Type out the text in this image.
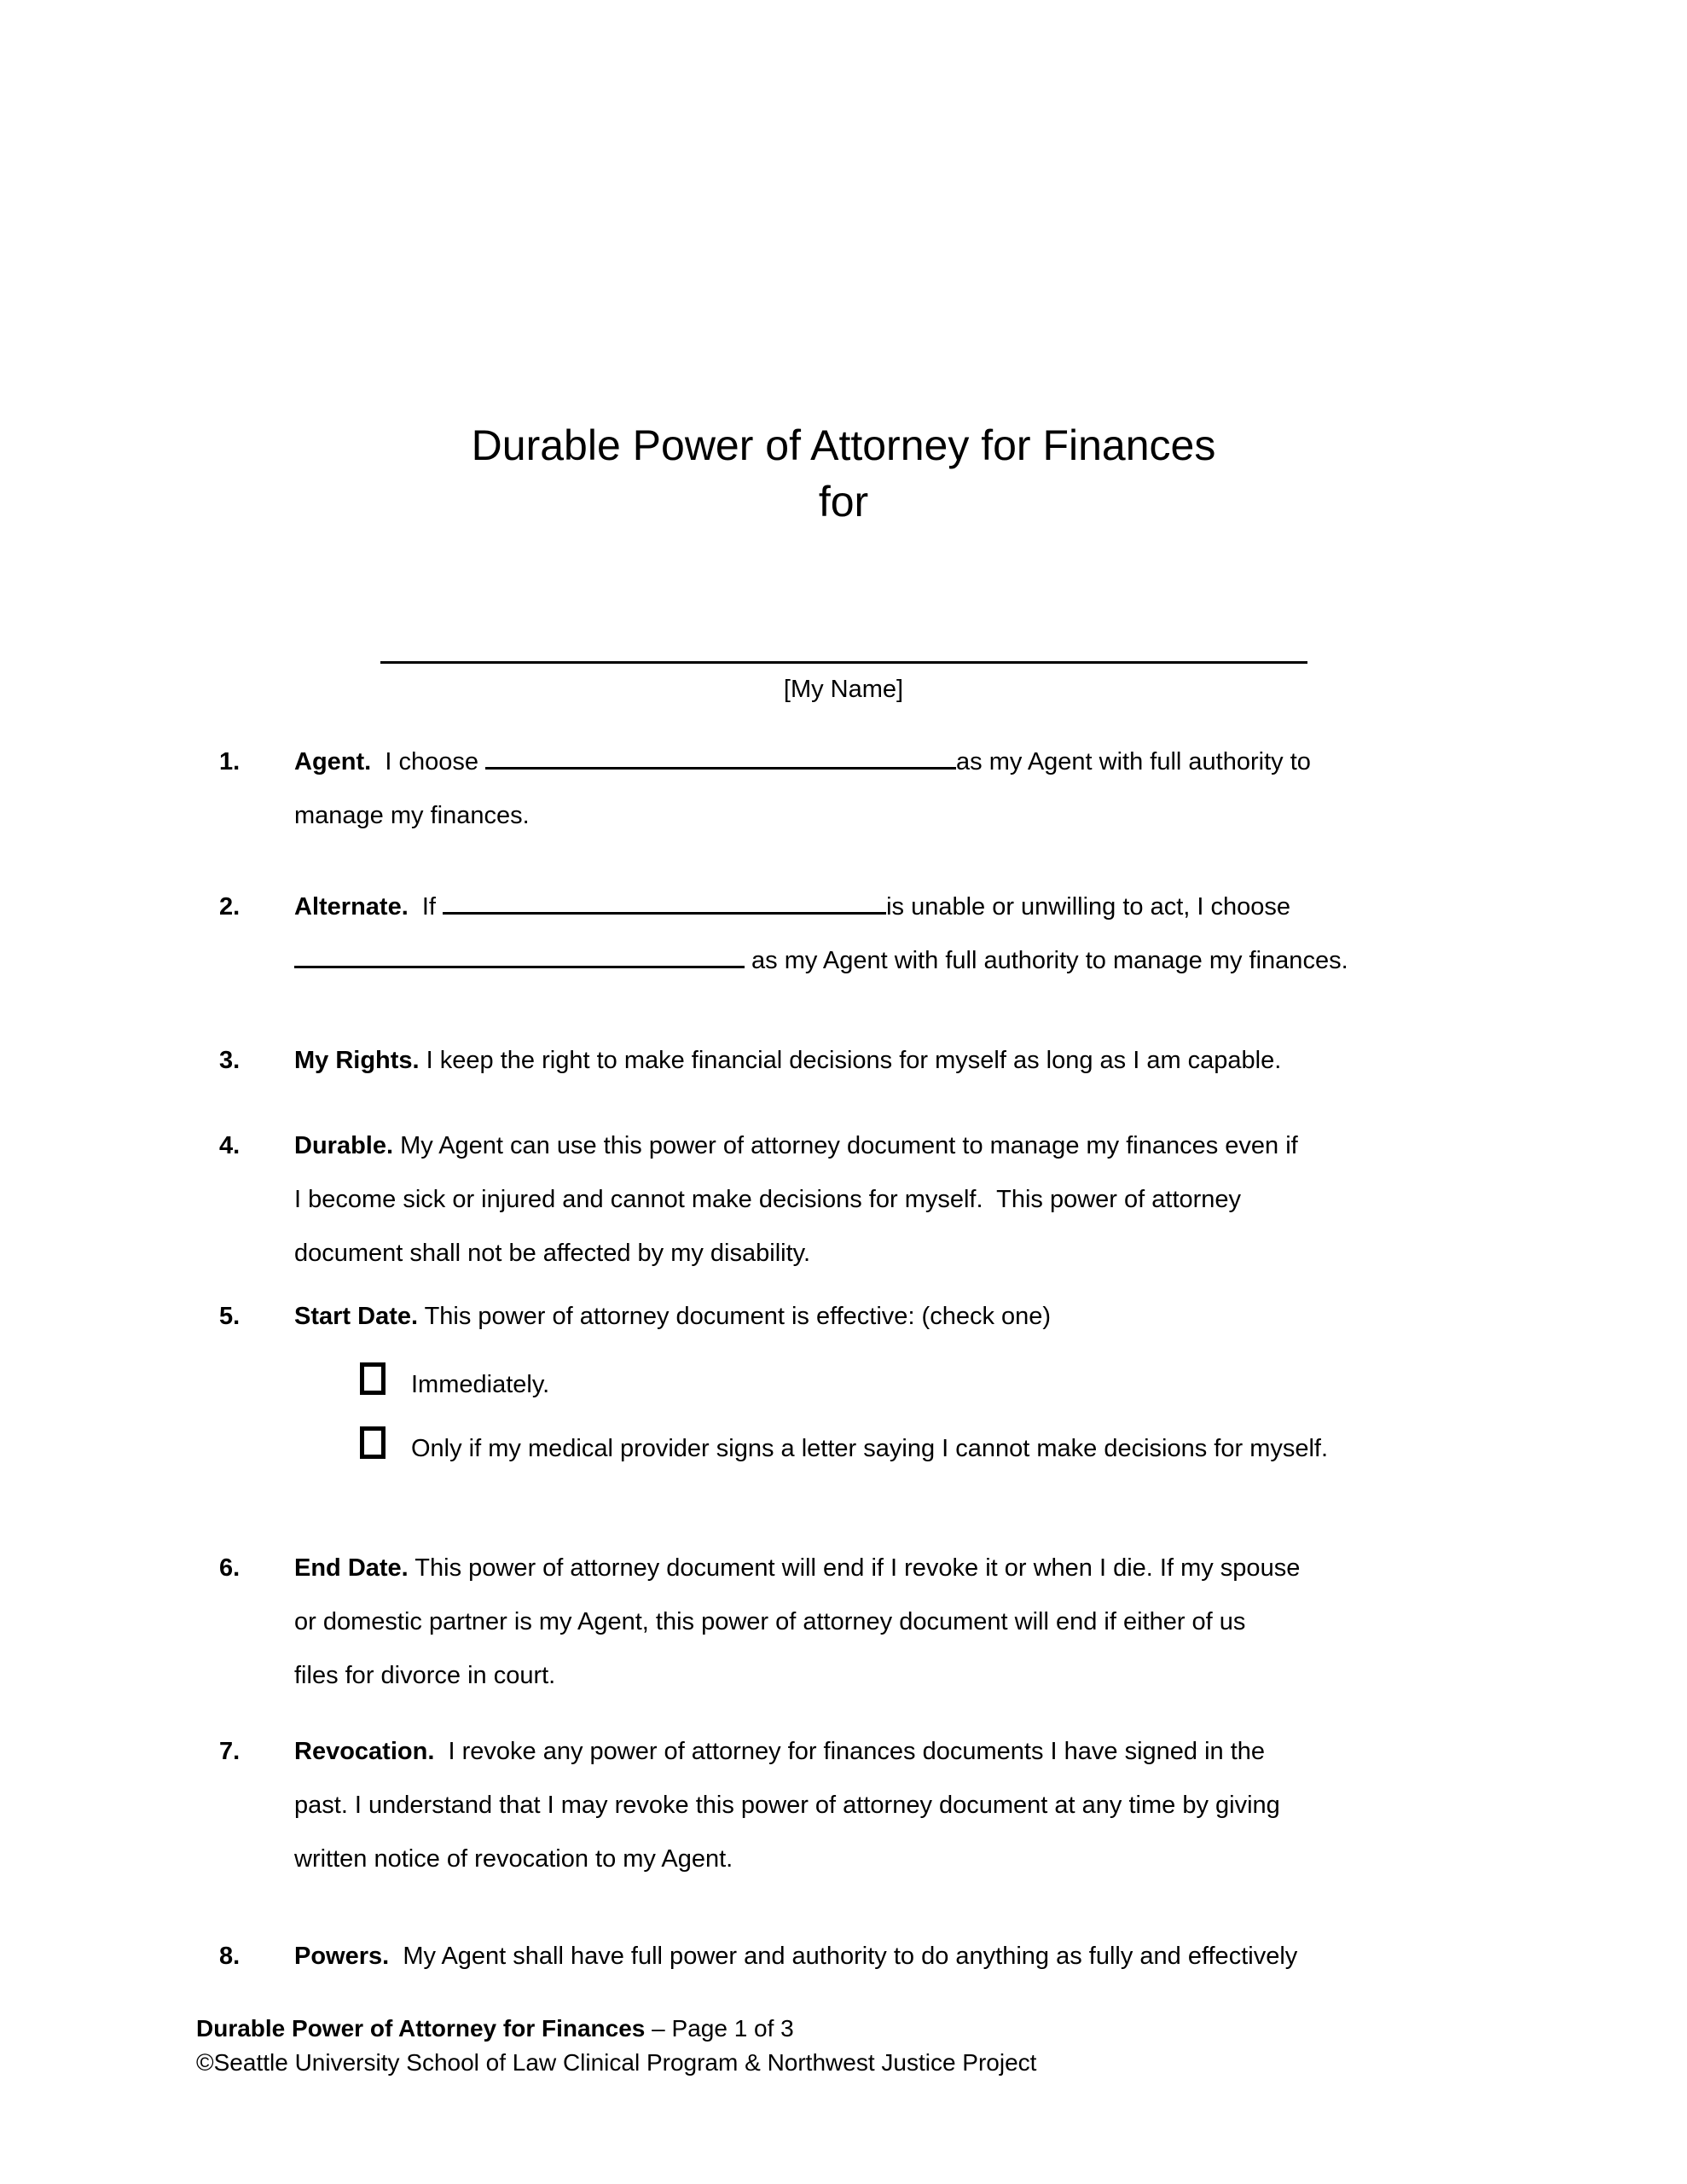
Durable Power of Attorney for Finances
for
[My Name]
1. Agent.  I choose	as my Agent with full authority to
manage my finances.
2. Alternate.  If	is unable or unwilling to act, I choose
as my Agent with full authority to manage my finances.
3. My Rights. I keep the right to make financial decisions for myself as long as I am capable.
4. Durable. My Agent can use this power of attorney document to manage my finances even if
I become sick or injured and cannot make decisions for myself.  This power of attorney
document shall not be affected by my disability.
5. Start Date. This power of attorney document is effective: (check one)
Immediately.
Only if my medical provider signs a letter saying I cannot make decisions for myself.
6. End Date. This power of attorney document will end if I revoke it or when I die. If my spouse
or domestic partner is my Agent, this power of attorney document will end if either of us
files for divorce in court.
7. Revocation.  I revoke any power of attorney for finances documents I have signed in the
past. I understand that I may revoke this power of attorney document at any time by giving
written notice of revocation to my Agent.
8. Powers.  My Agent shall have full power and authority to do anything as fully and effectively
Durable Power of Attorney for Finances – Page 1 of 3
©Seattle University School of Law Clinical Program & Northwest Justice Project
